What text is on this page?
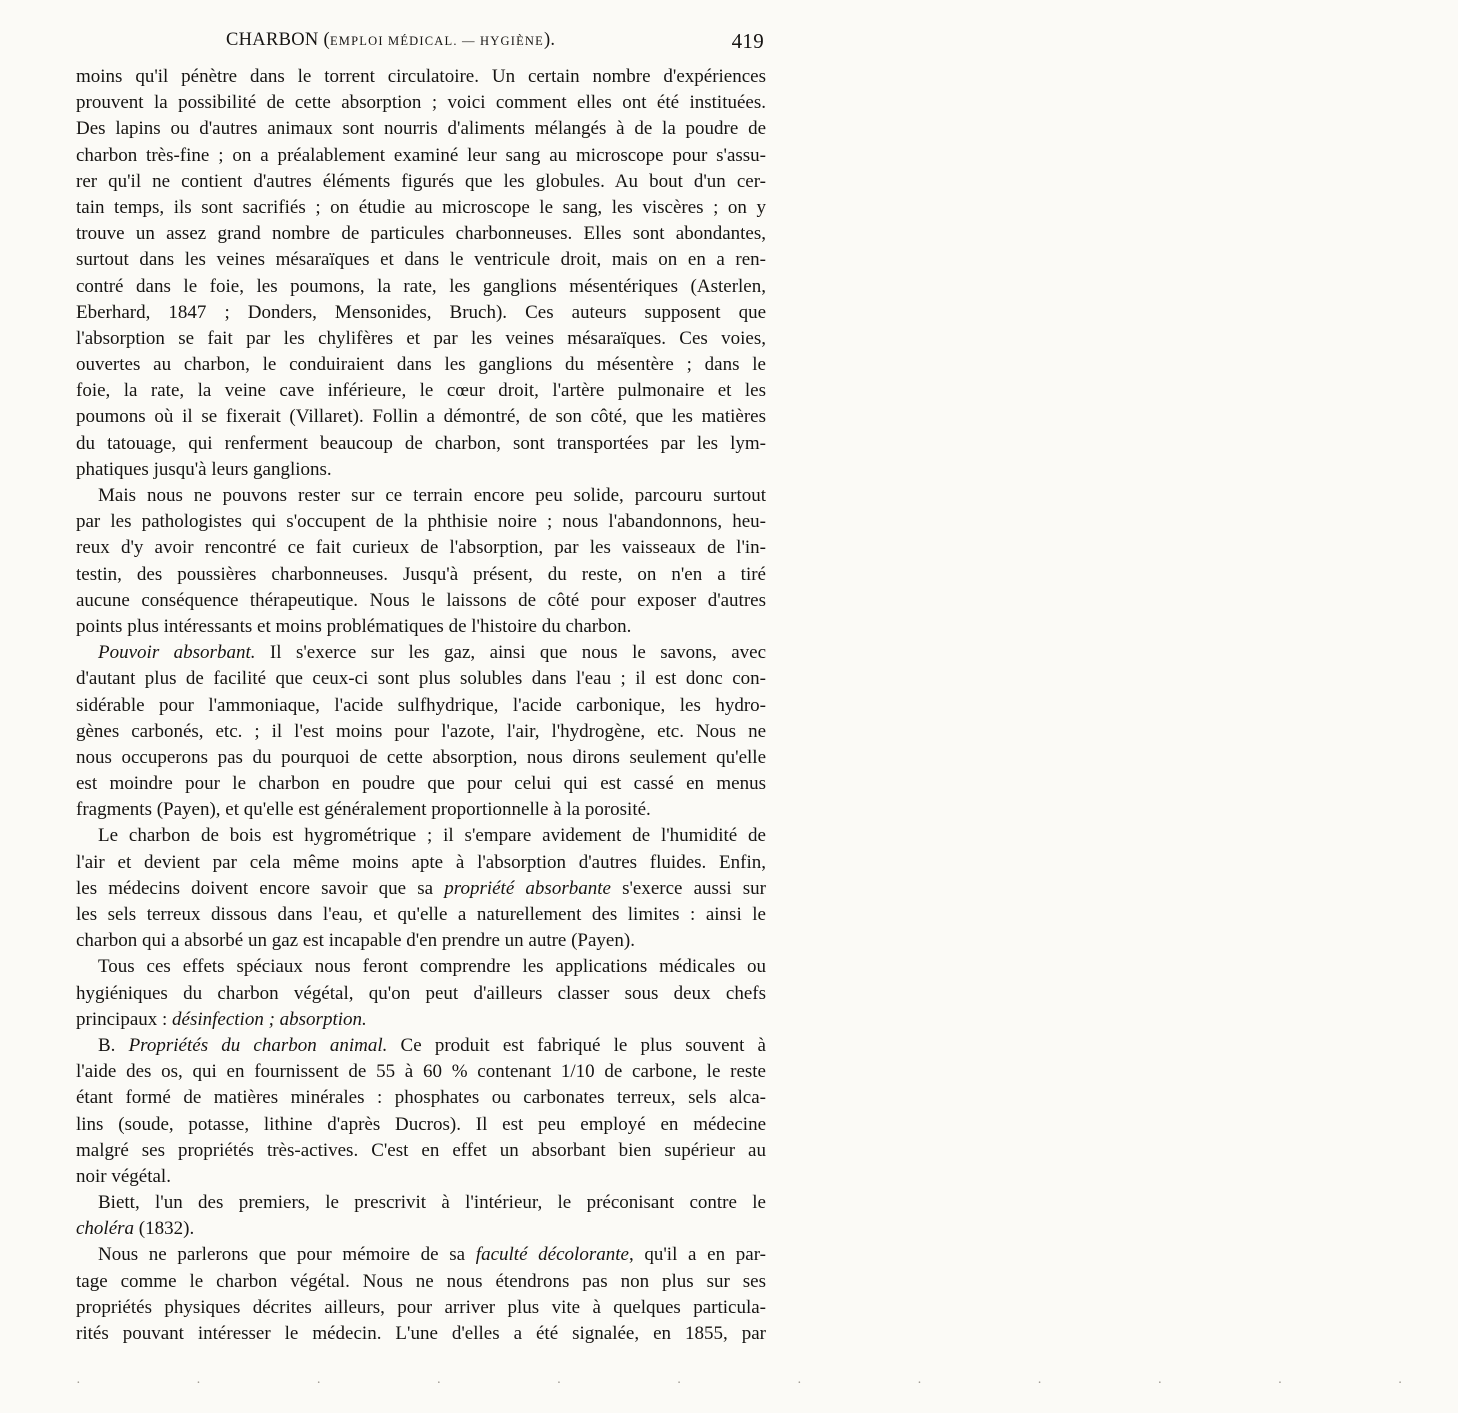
CHARBON (EMPLOI MÉDICAL. — HYGIÈNE).	419
moins qu'il pénètre dans le torrent circulatoire. Un certain nombre d'expériences
prouvent la possibilité de cette absorption ; voici comment elles ont été instituées.
Des lapins ou d'autres animaux sont nourris d'aliments mélangés à de la poudre de
charbon très-fine ; on a préalablement examiné leur sang au microscope pour s'assu-
rer qu'il ne contient d'autres éléments figurés que les globules. Au bout d'un cer-
tain temps, ils sont sacrifiés ; on étudie au microscope le sang, les viscères ; on y
trouve un assez grand nombre de particules charbonneuses. Elles sont abondantes,
surtout dans les veines mésaraïques et dans le ventricule droit, mais on en a ren-
contré dans le foie, les poumons, la rate, les ganglions mésentériques (Asterlen,
Eberhard, 1847 ; Donders, Mensonides, Bruch). Ces auteurs supposent que
l'absorption se fait par les chylifères et par les veines mésaraïques. Ces voies,
ouvertes au charbon, le conduiraient dans les ganglions du mésentère ; dans le
foie, la rate, la veine cave inférieure, le cœur droit, l'artère pulmonaire et les
poumons où il se fixerait (Villaret). Follin a démontré, de son côté, que les matières
du tatouage, qui renferment beaucoup de charbon, sont transportées par les lym-
phatiques jusqu'à leurs ganglions.
Mais nous ne pouvons rester sur ce terrain encore peu solide, parcouru surtout
par les pathologistes qui s'occupent de la phthisie noire ; nous l'abandonnons, heu-
reux d'y avoir rencontré ce fait curieux de l'absorption, par les vaisseaux de l'in-
testin, des poussières charbonneuses. Jusqu'à présent, du reste, on n'en a tiré
aucune conséquence thérapeutique. Nous le laissons de côté pour exposer d'autres
points plus intéressants et moins problématiques de l'histoire du charbon.
Pouvoir absorbant. Il s'exerce sur les gaz, ainsi que nous le savons, avec
d'autant plus de facilité que ceux-ci sont plus solubles dans l'eau ; il est donc con-
sidérable pour l'ammoniaque, l'acide sulfhydrique, l'acide carbonique, les hydro-
gènes carbonés, etc. ; il l'est moins pour l'azote, l'air, l'hydrogène, etc. Nous ne
nous occuperons pas du pourquoi de cette absorption, nous dirons seulement qu'elle
est moindre pour le charbon en poudre que pour celui qui est cassé en menus
fragments (Payen), et qu'elle est généralement proportionnelle à la porosité.
Le charbon de bois est hygrométrique ; il s'empare avidement de l'humidité de
l'air et devient par cela même moins apte à l'absorption d'autres fluides. Enfin,
les médecins doivent encore savoir que sa propriété absorbante s'exerce aussi sur
les sels terreux dissous dans l'eau, et qu'elle a naturellement des limites : ainsi le
charbon qui a absorbé un gaz est incapable d'en prendre un autre (Payen).
Tous ces effets spéciaux nous feront comprendre les applications médicales ou
hygiéniques du charbon végétal, qu'on peut d'ailleurs classer sous deux chefs
principaux : désinfection ; absorption.
B. Propriétés du charbon animal. Ce produit est fabriqué le plus souvent à
l'aide des os, qui en fournissent de 55 à 60 % contenant 1/10 de carbone, le reste
étant formé de matières minérales : phosphates ou carbonates terreux, sels alca-
lins (soude, potasse, lithine d'après Ducros). Il est peu employé en médecine
malgré ses propriétés très-actives. C'est en effet un absorbant bien supérieur au
noir végétal.
Biett, l'un des premiers, le prescrivit à l'intérieur, le préconisant contre le
choléra (1832).
Nous ne parlerons que pour mémoire de sa faculté décolorante, qu'il a en par-
tage comme le charbon végétal. Nous ne nous étendrons pas non plus sur ses
propriétés physiques décrites ailleurs, pour arriver plus vite à quelques particula-
rités pouvant intéresser le médecin. L'une d'elles a été signalée, en 1855, par
· · · · · · · · · · · ·
